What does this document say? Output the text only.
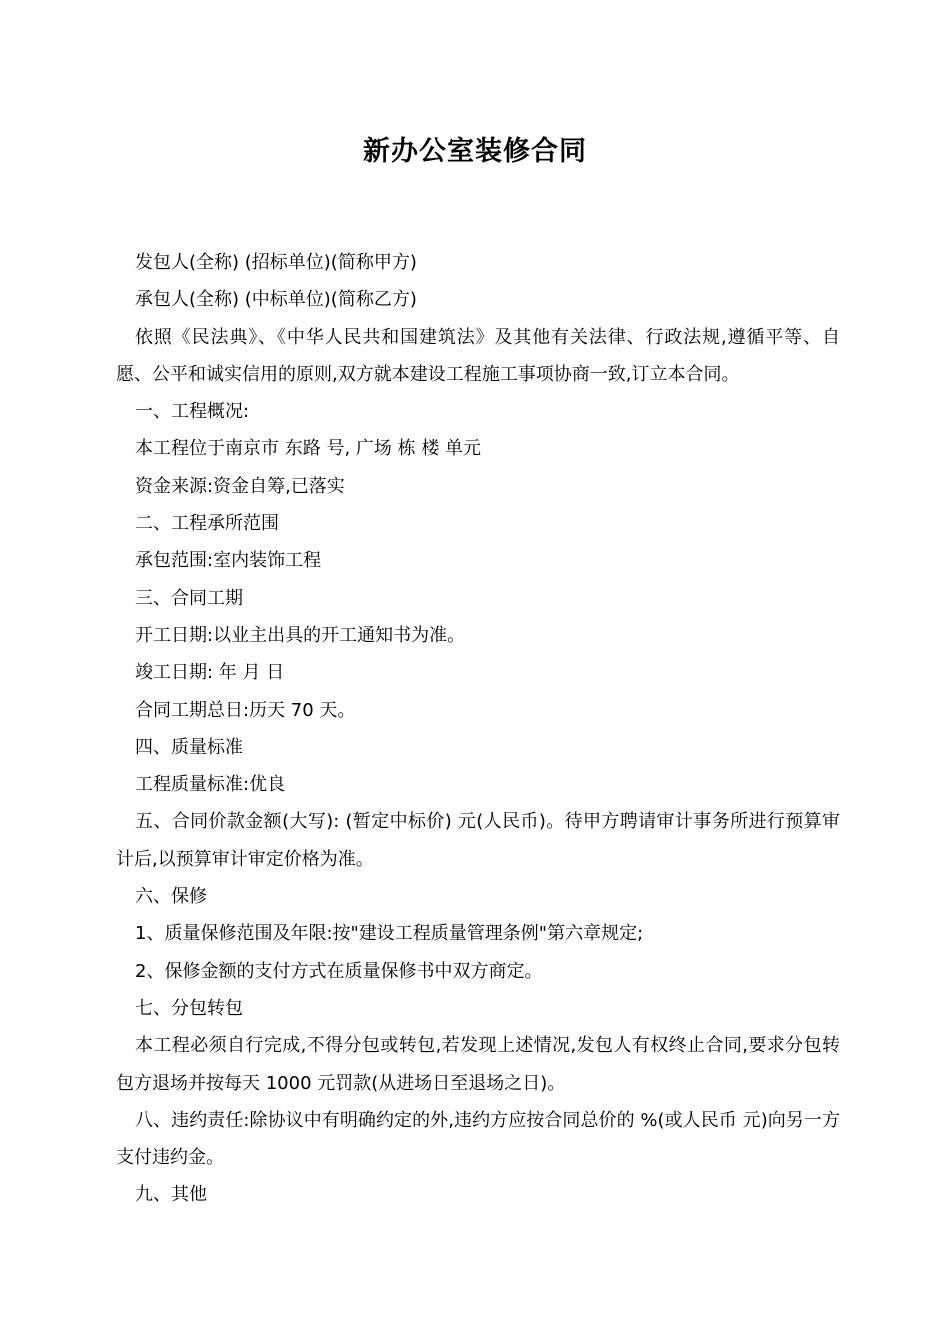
新办公室装修合同

发包人(全称) (招标单位)(简称甲方)

承包人(全称) (中标单位)(简称乙方)

依照《民法典》、《中华人民共和国建筑法》及其他有关法律、行政法规,遵循平等、自愿、公平和诚实信用的原则,双方就本建设工程施工事项协商一致,订立本合同。

一、工程概况:

本工程位于南京市 东路 号, 广场 栋 楼 单元

资金来源:资金自筹,已落实

二、工程承所范围

承包范围:室内装饰工程

三、合同工期

开工日期:以业主出具的开工通知书为准。

竣工日期: 年 月 日

合同工期总日:历天 70 天。

四、质量标准

工程质量标准:优良

五、合同价款金额(大写): (暂定中标价) 元(人民币)。待甲方聘请审计事务所进行预算审计后,以预算审计审定价格为准。

六、保修

1、质量保修范围及年限:按"建设工程质量管理条例"第六章规定;

2、保修金额的支付方式在质量保修书中双方商定。

七、分包转包

本工程必须自行完成,不得分包或转包,若发现上述情况,发包人有权终止合同,要求分包转包方退场并按每天 1000 元罚款(从进场日至退场之日)。

八、违约责任:除协议中有明确约定的外,违约方应按合同总价的 %(或人民币 元)向另一方支付违约金。

九、其他
